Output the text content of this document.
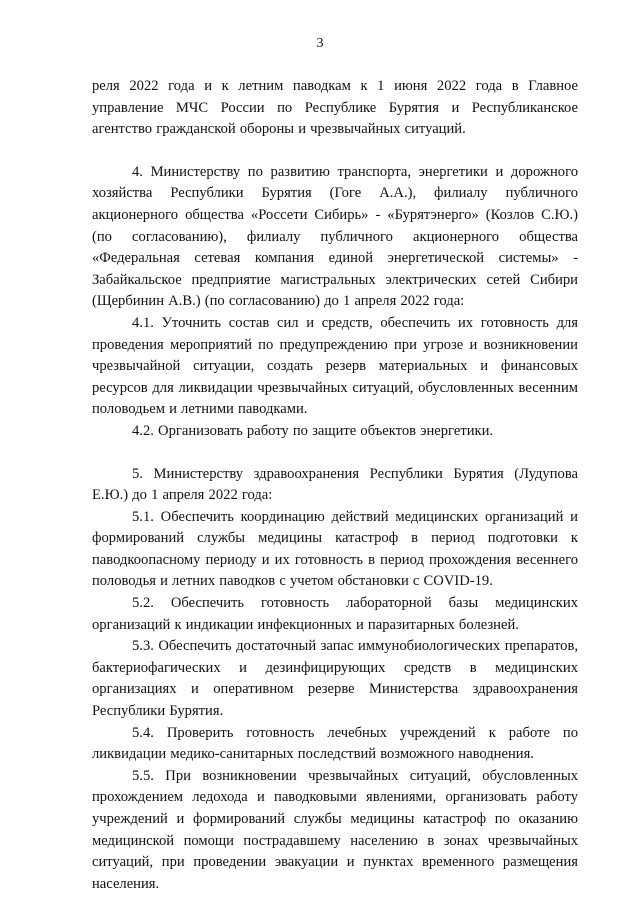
3

реля 2022 года и к летним паводкам к 1 июня 2022 года в Главное управление МЧС России по Республике Бурятия и Республиканское агентство гражданской обороны и чрезвычайных ситуаций.

4. Министерству по развитию транспорта, энергетики и дорожного хозяйства Республики Бурятия (Гоге А.А.), филиалу публичного акционерного общества «Россети Сибирь» - «Бурятэнерго» (Козлов С.Ю.) (по согласованию), филиалу публичного акционерного общества «Федеральная сетевая компания единой энергетической системы» - Забайкальское предприятие магистральных электрических сетей Сибири (Щербинин А.В.) (по согласованию) до 1 апреля 2022 года:

4.1. Уточнить состав сил и средств, обеспечить их готовность для проведения мероприятий по предупреждению при угрозе и возникновении чрезвычайной ситуации, создать резерв материальных и финансовых ресурсов для ликвидации чрезвычайных ситуаций, обусловленных весенним половодьем и летними паводками.

4.2. Организовать работу по защите объектов энергетики.

5. Министерству здравоохранения Республики Бурятия (Лудупова Е.Ю.) до 1 апреля 2022 года:

5.1. Обеспечить координацию действий медицинских организаций и формирований службы медицины катастроф в период подготовки к паводкоопасному периоду и их готовность в период прохождения весеннего половодья и летних паводков с учетом обстановки с COVID-19.

5.2. Обеспечить готовность лабораторной базы медицинских организаций к индикации инфекционных и паразитарных болезней.

5.3. Обеспечить достаточный запас иммунобиологических препаратов, бактериофагических и дезинфицирующих средств в медицинских организациях и оперативном резерве Министерства здравоохранения Республики Бурятия.

5.4. Проверить готовность лечебных учреждений к работе по ликвидации медико-санитарных последствий возможного наводнения.

5.5. При возникновении чрезвычайных ситуаций, обусловленных прохождением ледохода и паводковыми явлениями, организовать работу учреждений и формирований службы медицины катастроф по оказанию медицинской помощи пострадавшему населению в зонах чрезвычайных ситуаций, при проведении эвакуации и пунктах временного размещения населения.
